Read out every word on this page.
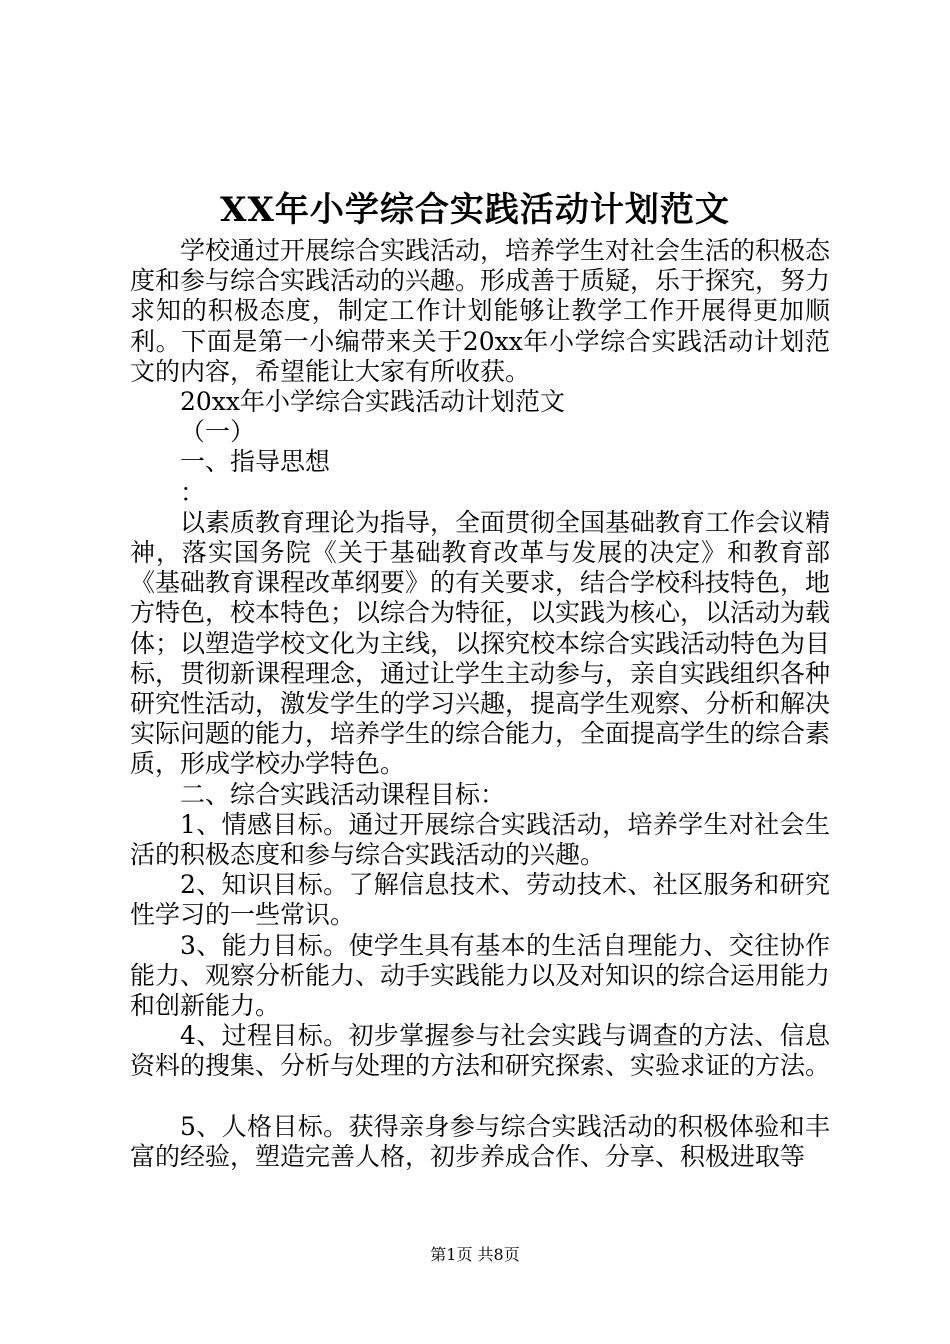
XX年小学综合实践活动计划范文

学校通过开展综合实践活动，培养学生对社会生活的积极态度和参与综合实践活动的兴趣。形成善于质疑，乐于探究，努力求知的积极态度，制定工作计划能够让教学工作开展得更加顺利。下面是第一小编带来关于20xx年小学综合实践活动计划范文的内容，希望能让大家有所收获。

20xx年小学综合实践活动计划范文

（一）

一、指导思想

：

以素质教育理论为指导，全面贯彻全国基础教育工作会议精神，落实国务院《关于基础教育改革与发展的决定》和教育部《基础教育课程改革纲要》的有关要求，结合学校科技特色，地方特色，校本特色；以综合为特征，以实践为核心，以活动为载体；以塑造学校文化为主线，以探究校本综合实践活动特色为目标，贯彻新课程理念，通过让学生主动参与，亲自实践组织各种研究性活动，激发学生的学习兴趣，提高学生观察、分析和解决实际问题的能力，培养学生的综合能力，全面提高学生的综合素质，形成学校办学特色。

二、综合实践活动课程目标：

1、情感目标。通过开展综合实践活动，培养学生对社会生活的积极态度和参与综合实践活动的兴趣。

2、知识目标。了解信息技术、劳动技术、社区服务和研究性学习的一些常识。

3、能力目标。使学生具有基本的生活自理能力、交往协作能力、观察分析能力、动手实践能力以及对知识的综合运用能力和创新能力。

4、过程目标。初步掌握参与社会实践与调查的方法、信息资料的搜集、分析与处理的方法和研究探索、实验求证的方法。

5、人格目标。获得亲身参与综合实践活动的积极体验和丰富的经验，塑造完善人格，初步养成合作、分享、积极进取等

第1页 共8页
